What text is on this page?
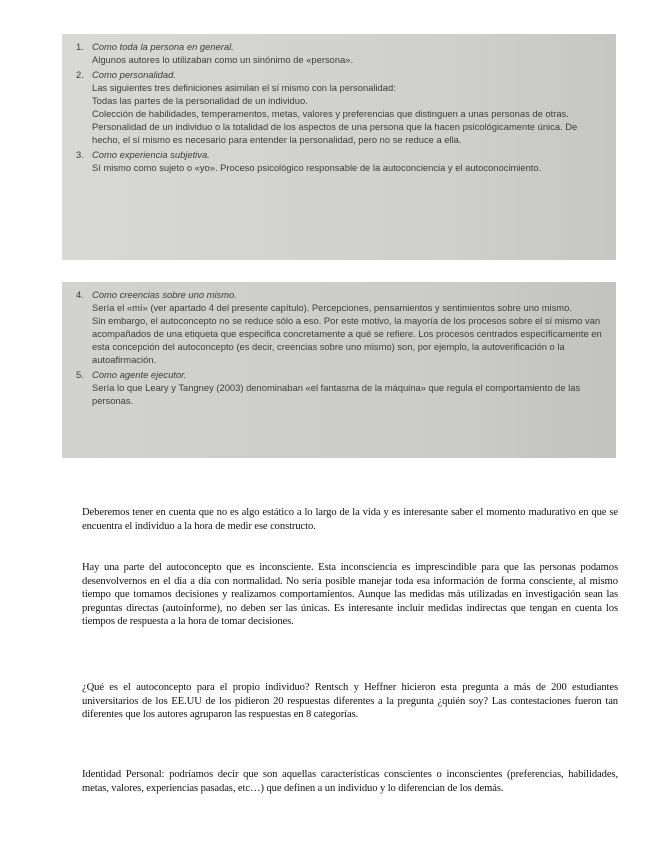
1. Como toda la persona en general.
Algunos autores lo utilizaban como un sinónimo de «persona».
2. Como personalidad.
Las siguientes tres definiciones asimilan el sí mismo con la personalidad:
Todas las partes de la personalidad de un individuo.
Colección de habilidades, temperamentos, metas, valores y preferencias que distinguen a unas personas de otras.
Personalidad de un individuo o la totalidad de los aspectos de una persona que la hacen psicológicamente única. De hecho, el sí mismo es necesario para entender la personalidad, pero no se reduce a ella.
3. Como experiencia subjetiva.
Sí mismo como sujeto o «yo». Proceso psicológico responsable de la autoconciencia y el autoconocimiento.
4. Como creencias sobre uno mismo.
Sería el «mí» (ver apartado 4 del presente capítulo). Percepciones, pensamientos y sentimientos sobre uno mismo.
Sin embargo, el autoconcepto no se reduce sólo a eso. Por este motivo, la mayoría de los procesos sobre el sí mismo van acompañados de una etiqueta que especifica concretamente a qué se refiere. Los procesos centrados específicamente en esta concepción del autoconcepto (es decir, creencias sobre uno mismo) son, por ejemplo, la autoverificación o la autoafirmación.
5. Como agente ejecutor.
Sería lo que Leary y Tangney (2003) denominaban «el fantasma de la máquina» que regula el comportamiento de las personas.

Deberemos tener en cuenta que no es algo estático a lo largo de la vida y es interesante saber el momento madurativo en que se encuentra el individuo a la hora de medir ese constructo.

Hay una parte del autoconcepto que es inconsciente. Esta inconsciencia es imprescindible para que las personas podamos desenvolvernos en el día a día con normalidad. No sería posible manejar toda esa información de forma consciente, al mismo tiempo que tomamos decisiones y realizamos comportamientos. Aunque las medidas más utilizadas en investigación sean las preguntas directas (autoinforme), no deben ser las únicas. Es interesante incluir medidas indirectas que tengan en cuenta los tiempos de respuesta a la hora de tomar decisiones.

¿Qué es el autoconcepto para el propio individuo? Rentsch y Heffner hicieron esta pregunta a más de 200 estudiantes universitarios de los EE.UU de los pidieron 20 respuestas diferentes a la pregunta ¿quién soy? Las contestaciones fueron tan diferentes que los autores agruparon las respuestas en 8 categorías.

Identidad Personal: podríamos decir que son aquellas características conscientes o inconscientes (preferencias, habilidades, metas, valores, experiencias pasadas, etc…) que definen a un individuo y lo diferencian de los demás.
